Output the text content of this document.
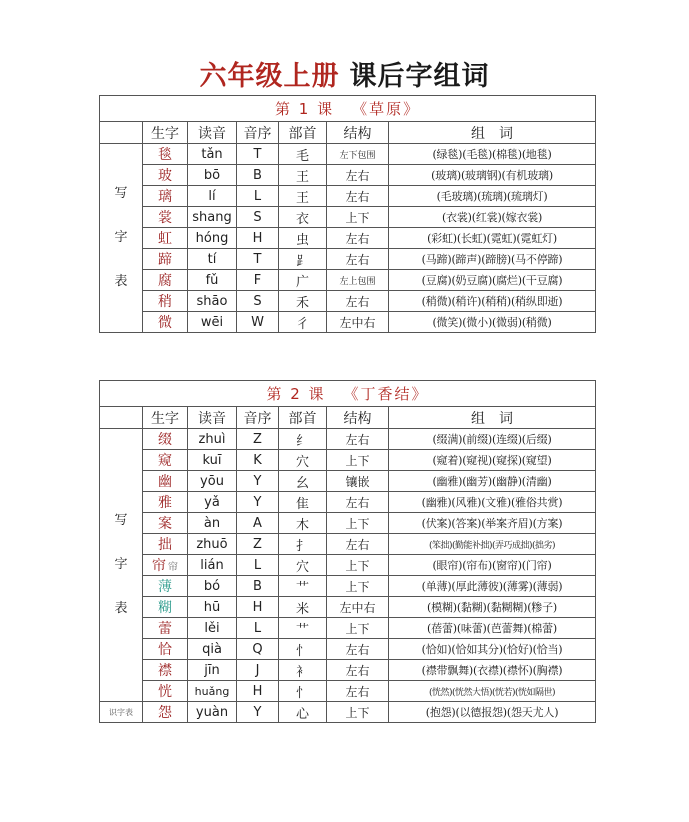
六年级上册 课后字组词
第 1 课 《草原》						
	生字	读音	音序	部首	结构	组　词

写
字
表	毯	tǎn	T	毛	左下包围	(绿毯)(毛毯)(棉毯)(地毯)
	玻	bō	B	王	左右	(玻璃)(玻璃钢)(有机玻璃)
	璃	lí	L	王	左右	(毛玻璃)(琉璃)(琉璃灯)
	裳	shang	S	衣	上下	(衣裳)(红裳)(嫁衣裳)
	虹	hóng	H	虫	左右	(彩虹)(长虹)(霓虹)(霓虹灯)
	蹄	tí	T	⻊	左右	(马蹄)(蹄声)(蹄膀)(马不停蹄)
	腐	fǔ	F	广	左上包围	(豆腐)(奶豆腐)(腐烂)(干豆腐)
	稍	shāo	S	禾	左右	(稍微)(稍许)(稍稍)(稍纵即逝)
	微	wēi	W	彳	左中右	(微笑)(微小)(微弱)(稍微)
第 2 课 《丁香结》						
	生字	读音	音序	部首	结构	组　词

写
字
表	缀	zhuì	Z	纟	左右	(缀满)(前缀)(连缀)(后缀)
	窥	kuī	K	穴	上下	(窥着)(窥视)(窥探)(窥望)
	幽	yōu	Y	幺	镶嵌	(幽雅)(幽芳)(幽静)(清幽)
	雅	yǎ	Y	隹	左右	(幽雅)(风雅)(文雅)(雅俗共赏)
	案	àn	A	木	上下	(伏案)(答案)(举案齐眉)(方案)
	拙	zhuō	Z	扌	左右	(笨拙)(勤能补拙)(弄巧成拙)(拙劣)
	帘 帘	lián	L	穴	上下	(眼帘)(帘布)(窗帘)(门帘)
	薄	bó	B	艹	上下	(单薄)(厚此薄彼)(薄雾)(薄弱)
	糊	hū	H	米	左中右	(模糊)(黏糊)(黏糊糊)(糁子)
	蕾	lěi	L	艹	上下	(蓓蕾)(味蕾)(芭蕾舞)(棉蕾)
	恰	qià	Q	忄	左右	(恰如)(恰如其分)(恰好)(恰当)
	襟	jīn	J	衤	左右	(襟带飘舞)(衣襟)(襟怀)(胸襟)
	恍	huǎng	H	忄	左右	(恍然)(恍然大悟)(恍若)(恍如隔世)
识字表	怨	yuàn	Y	心	上下	(抱怨)(以德报怨)(怨天尤人)
